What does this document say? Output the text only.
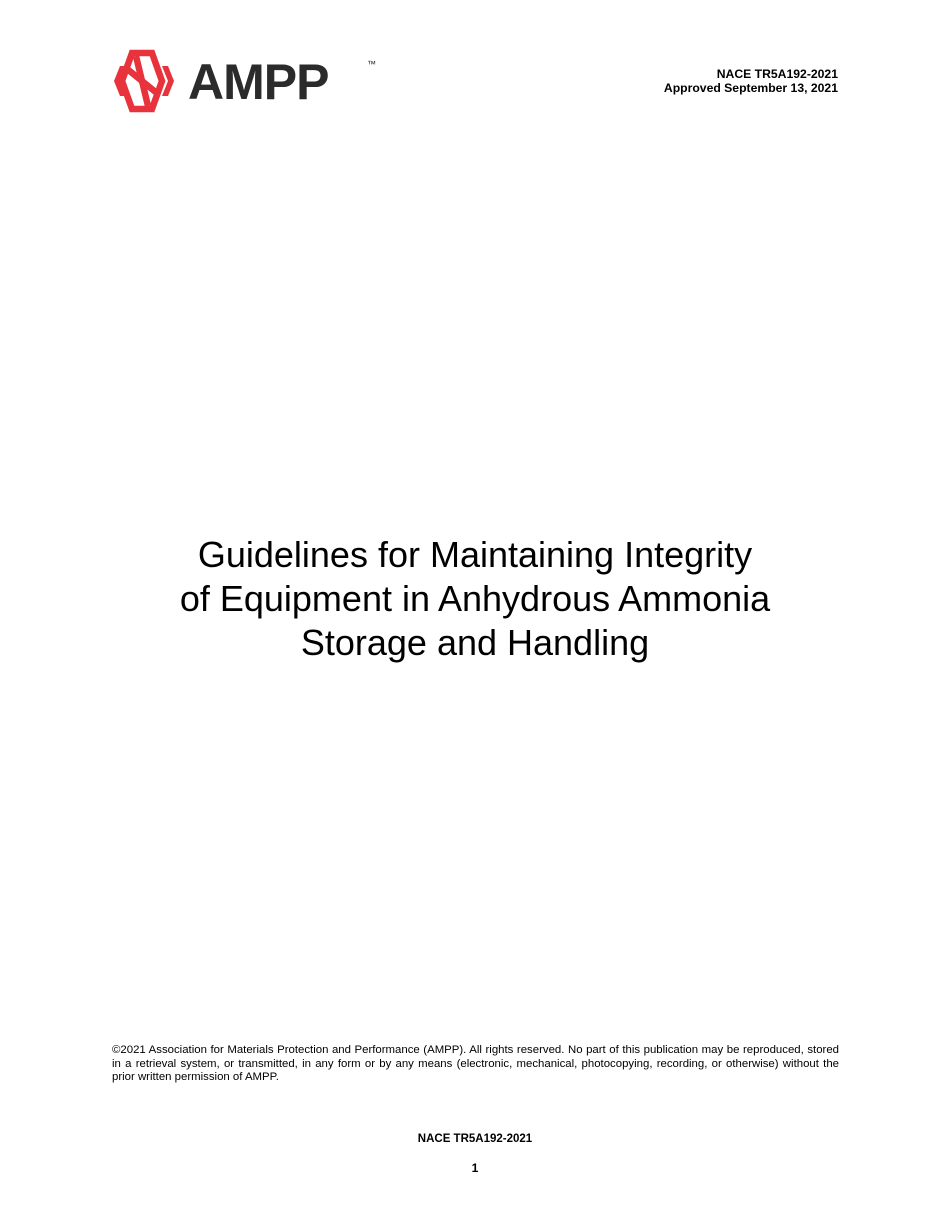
AMPP	™
NACE TR5A192-2021
Approved September 13, 2021
Guidelines for Maintaining Integrity
of Equipment in Anhydrous Ammonia
Storage and Handling
©2021 Association for Materials Protection and Performance (AMPP). All rights reserved. No part of this publication may be reproduced, stored in a retrieval system, or transmitted, in any form or by any means (electronic, mechanical, photocopying, recording, or otherwise) without the prior written permission of AMPP.
NACE TR5A192-2021
1
